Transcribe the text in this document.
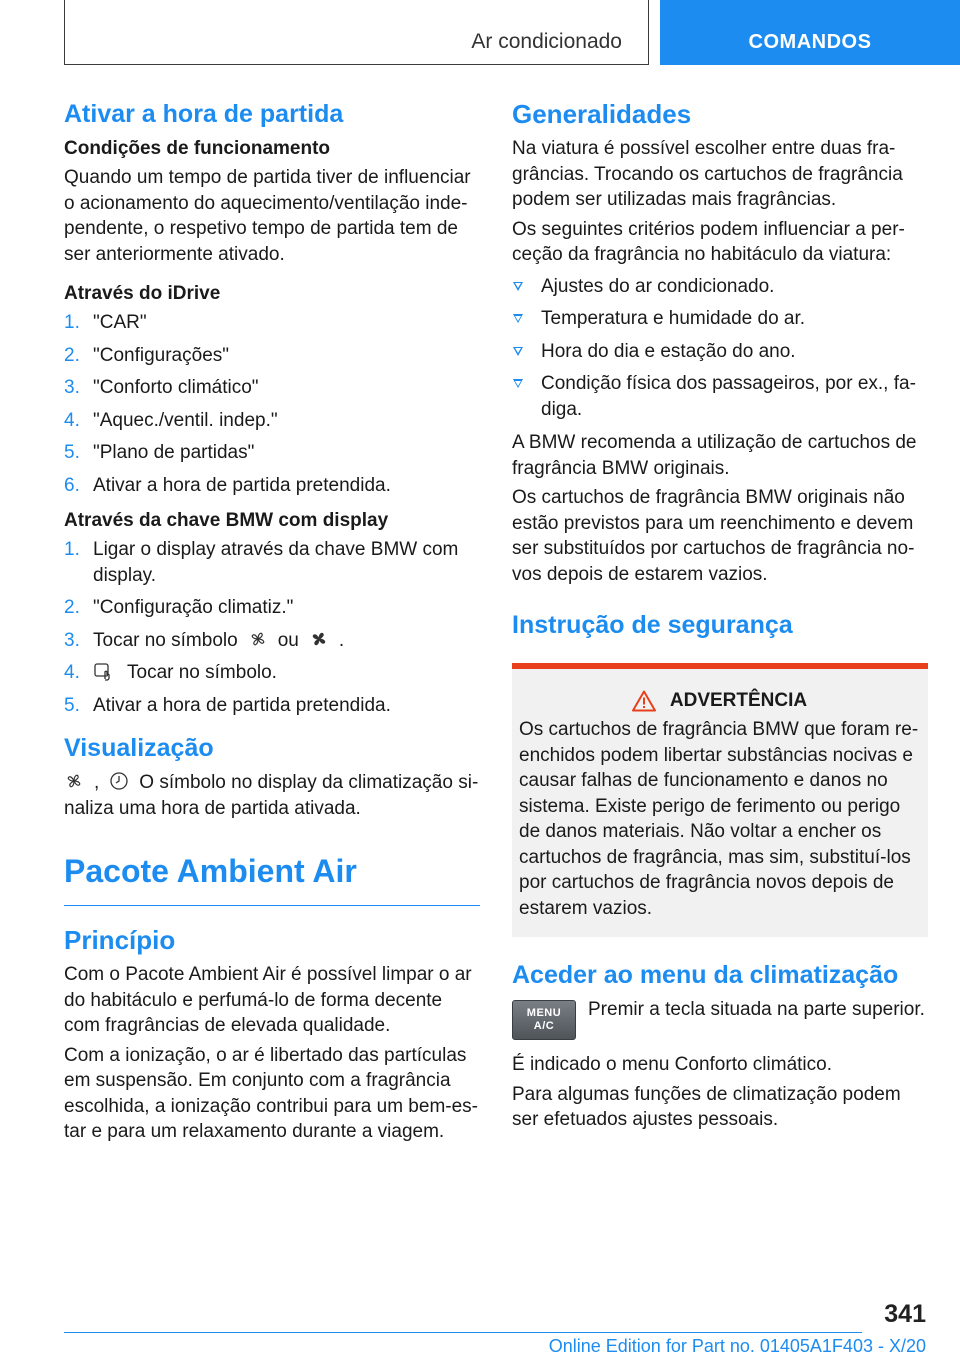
Ar condicionado	COMANDOS
Ativar a hora de partida
Condições de funcionamento

Quando um tempo de partida tiver de influenciar o acionamento do aquecimento/ventilação independente, o respetivo tempo de partida tem de ser anteriormente ativado.

Através do iDrive
1. "CAR"
2. "Configurações"
3. "Conforto climático"
4. "Aquec./ventil. indep."
5. "Plano de partidas"
6. Ativar a hora de partida pretendida.
Através da chave BMW com display
1. Ligar o display através da chave BMW com display.
2. "Configuração climatiz."
3. Tocar no símbolo ou .
4. Tocar no símbolo.
5. Ativar a hora de partida pretendida.
Visualização

, O símbolo no display da climatização sinaliza uma hora de partida ativada.

Pacote Ambient Air
Princípio

Com o Pacote Ambient Air é possível limpar o ar do habitáculo e perfumá-lo de forma decente com fragrâncias de elevada qualidade.

Com a ionização, o ar é libertado das partículas em suspensão. Em conjunto com a fragrância escolhida, a ionização contribui para um bem-estar e para um relaxamento durante a viagem.

Generalidades

Na viatura é possível escolher entre duas fragrâncias. Trocando os cartuchos de fragrância podem ser utilizadas mais fragrâncias.

Os seguintes critérios podem influenciar a perceção da fragrância no habitáculo da viatura:

Ajustes do ar condicionado.
Temperatura e humidade do ar.
Hora do dia e estação do ano.
Condição física dos passageiros, por ex., fadiga.

A BMW recomenda a utilização de cartuchos de fragrância BMW originais.

Os cartuchos de fragrância BMW originais não estão previstos para um reenchimento e devem ser substituídos por cartuchos de fragrância novos depois de estarem vazios.

Instrução de segurança
ADVERTÊNCIA

Os cartuchos de fragrância BMW que foram reenchidos podem libertar substâncias nocivas e causar falhas de funcionamento e danos no sistema. Existe perigo de ferimento ou perigo de danos materiais. Não voltar a encher os cartuchos de fragrância, mas sim, substituí-los por cartuchos de fragrância novos depois de estarem vazios.

Aceder ao menu da climatização
MENU
A/C

Premir a tecla situada na parte superior.

É indicado o menu Conforto climático.

Para algumas funções de climatização podem ser efetuados ajustes pessoais.

341
Online Edition for Part no. 01405A1F403 - X/20
